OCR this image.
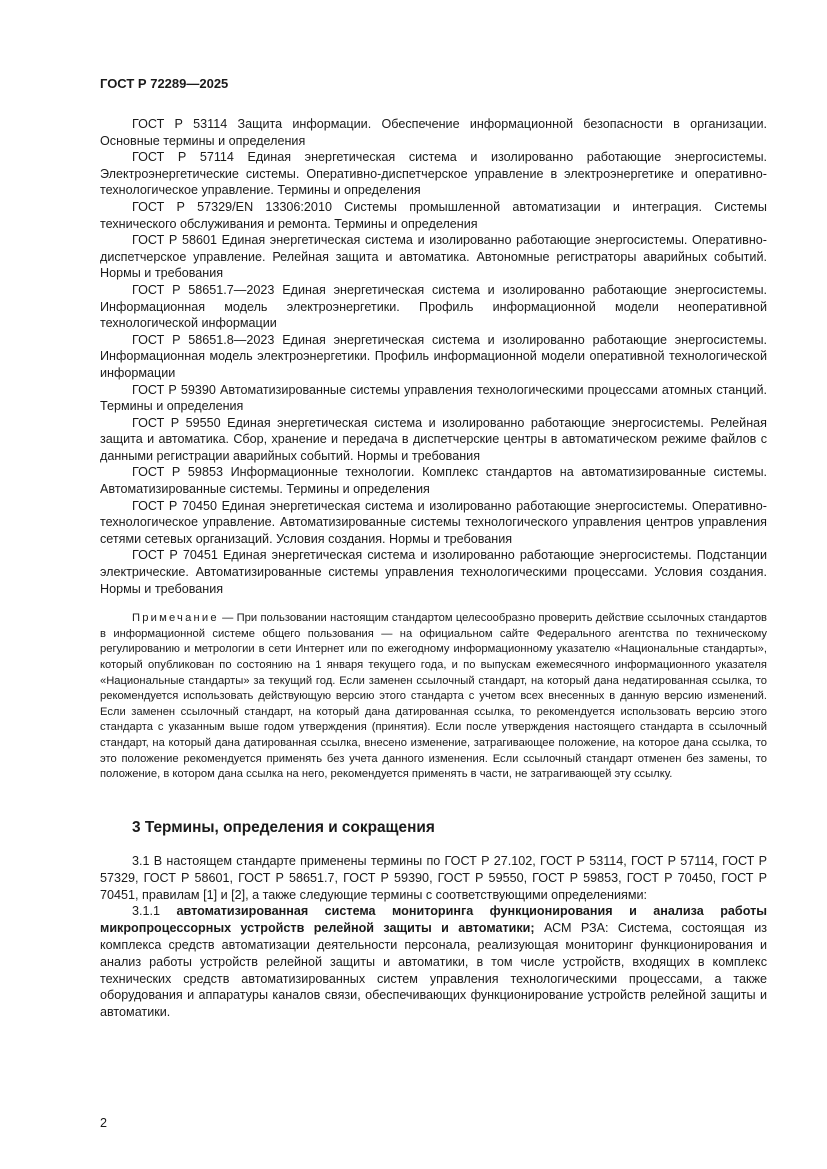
ГОСТ Р 72289—2025

ГОСТ Р 53114 Защита информации. Обеспечение информационной безопасности в организации. Основные термины и определения

ГОСТ Р 57114 Единая энергетическая система и изолированно работающие энергосистемы. Электроэнергетические системы. Оперативно-диспетчерское управление в электроэнергетике и оперативно-технологическое управление. Термины и определения

ГОСТ Р 57329/EN 13306:2010 Системы промышленной автоматизации и интеграция. Системы технического обслуживания и ремонта. Термины и определения

ГОСТ Р 58601 Единая энергетическая система и изолированно работающие энергосистемы. Оперативно-диспетчерское управление. Релейная защита и автоматика. Автономные регистраторы аварийных событий. Нормы и требования

ГОСТ Р 58651.7—2023 Единая энергетическая система и изолированно работающие энергосистемы. Информационная модель электроэнергетики. Профиль информационной модели неоперативной технологической информации

ГОСТ Р 58651.8—2023 Единая энергетическая система и изолированно работающие энергосистемы. Информационная модель электроэнергетики. Профиль информационной модели оперативной технологической информации

ГОСТ Р 59390 Автоматизированные системы управления технологическими процессами атомных станций. Термины и определения

ГОСТ Р 59550 Единая энергетическая система и изолированно работающие энергосистемы. Релейная защита и автоматика. Сбор, хранение и передача в диспетчерские центры в автоматическом режиме файлов с данными регистрации аварийных событий. Нормы и требования

ГОСТ Р 59853 Информационные технологии. Комплекс стандартов на автоматизированные системы. Автоматизированные системы. Термины и определения

ГОСТ Р 70450 Единая энергетическая система и изолированно работающие энергосистемы. Оперативно-технологическое управление. Автоматизированные системы технологического управления центров управления сетями сетевых организаций. Условия создания. Нормы и требования

ГОСТ Р 70451 Единая энергетическая система и изолированно работающие энергосистемы. Подстанции электрические. Автоматизированные системы управления технологическими процессами. Условия создания. Нормы и требования

Примечание — При пользовании настоящим стандартом целесообразно проверить действие ссылочных стандартов в информационной системе общего пользования — на официальном сайте Федерального агентства по техническому регулированию и метрологии в сети Интернет или по ежегодному информационному указателю «Национальные стандарты», который опубликован по состоянию на 1 января текущего года, и по выпускам ежемесячного информационного указателя «Национальные стандарты» за текущий год. Если заменен ссылочный стандарт, на который дана недатированная ссылка, то рекомендуется использовать действующую версию этого стандарта с учетом всех внесенных в данную версию изменений. Если заменен ссылочный стандарт, на который дана датированная ссылка, то рекомендуется использовать версию этого стандарта с указанным выше годом утверждения (принятия). Если после утверждения настоящего стандарта в ссылочный стандарт, на который дана датированная ссылка, внесено изменение, затрагивающее положение, на которое дана ссылка, то это положение рекомендуется применять без учета данного изменения. Если ссылочный стандарт отменен без замены, то положение, в котором дана ссылка на него, рекомендуется применять в части, не затрагивающей эту ссылку.

3 Термины, определения и сокращения

3.1 В настоящем стандарте применены термины по ГОСТ Р 27.102, ГОСТ Р 53114, ГОСТ Р 57114, ГОСТ Р 57329, ГОСТ Р 58601, ГОСТ Р 58651.7, ГОСТ Р 59390, ГОСТ Р 59550, ГОСТ Р 59853, ГОСТ Р 70450, ГОСТ Р 70451, правилам [1] и [2], а также следующие термины с соответствующими определениями:

3.1.1 автоматизированная система мониторинга функционирования и анализа работы микропроцессорных устройств релейной защиты и автоматики; АСМ РЗА: Система, состоящая из комплекса средств автоматизации деятельности персонала, реализующая мониторинг функционирования и анализ работы устройств релейной защиты и автоматики, в том числе устройств, входящих в комплекс технических средств автоматизированных систем управления технологическими процессами, а также оборудования и аппаратуры каналов связи, обеспечивающих функционирование устройств релейной защиты и автоматики.

2
